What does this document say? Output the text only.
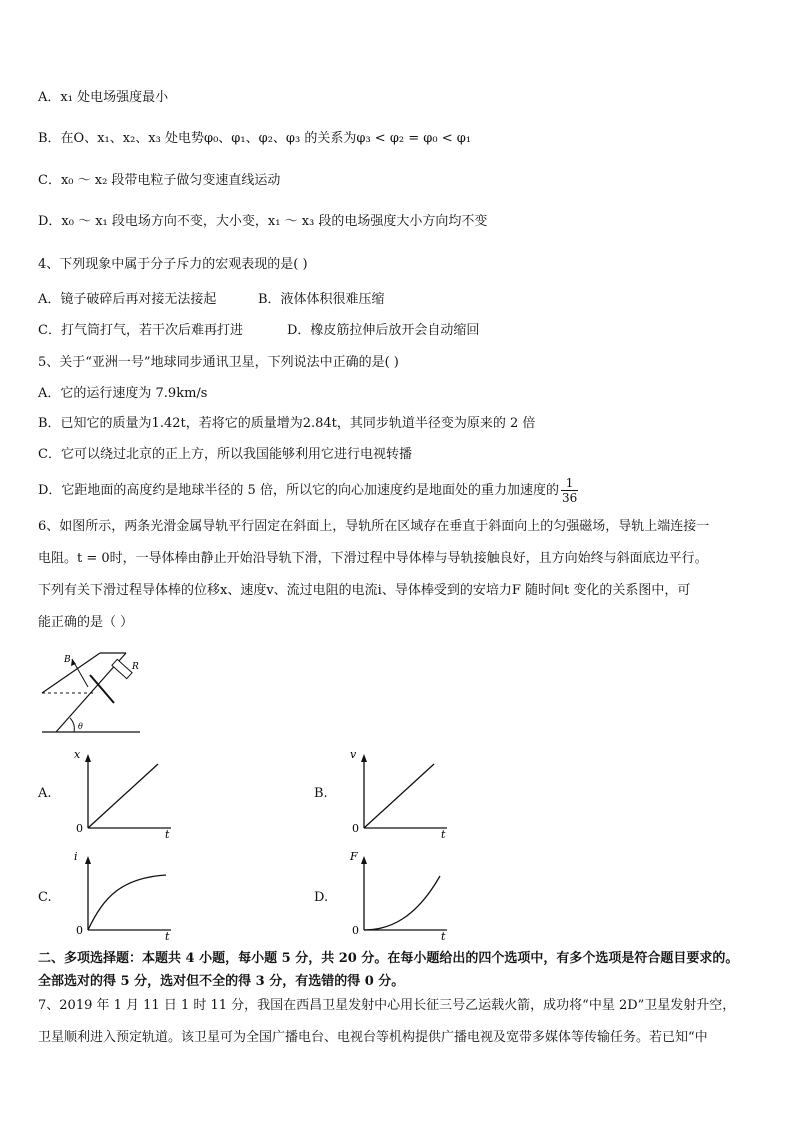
A．x₁ 处电场强度最小
B．在O、x₁、x₂、x₃ 处电势φ₀、φ₁、φ₂、φ₃ 的关系为φ₃ < φ₂ = φ₀ < φ₁
C．x₀ ～ x₂ 段带电粒子做匀变速直线运动
D．x₀ ～ x₁ 段电场方向不变，大小变，x₁ ～ x₃ 段的电场强度大小方向均不变
4、下列现象中属于分子斥力的宏观表现的是( )
A．镜子破碎后再对接无法接起	B．液体体积很难压缩
C．打气筒打气，若干次后难再打进	D．橡皮筋拉伸后放开会自动缩回
5、关于“亚洲一号”地球同步通讯卫星，下列说法中正确的是( )
A．它的运行速度为 7.9km/s
B．已知它的质量为1.42t，若将它的质量增为2.84t，其同步轨道半径变为原来的 2 倍
C．它可以绕过北京的正上方，所以我国能够利用它进行电视转播
D．它距地面的高度约是地球半径的 5 倍，所以它的向心加速度约是地面处的重力加速度的 $\frac{1}{36}$
6、如图所示，两条光滑金属导轨平行固定在斜面上，导轨所在区域存在垂直于斜面向上的匀强磁场，导轨上端连接一
电阻。t = 0时，一导体棒由静止开始沿导轨下滑，下滑过程中导体棒与导轨接触良好，且方向始终与斜面底边平行。
下列有关下滑过程导体棒的位移x、速度v、流过电阻的电流i、导体棒受到的安培力F 随时间t 变化的关系图中，可
能正确的是（ ）
B
R
θ
A.
x
t
0
B.
v
t
0
C.
i
t
0
D.
F
t
0
二、多项选择题：本题共 4 小题，每小题 5 分，共 20 分。在每小题给出的四个选项中，有多个选项是符合题目要求的。
全部选对的得 5 分，选对但不全的得 3 分，有选错的得 0 分。
7、2019 年 1 月 11 日 1 时 11 分，我国在西昌卫星发射中心用长征三号乙运载火箭，成功将“中星 2D”卫星发射升空，
卫星顺利进入预定轨道。该卫星可为全国广播电台、电视台等机构提供广播电视及宽带多媒体等传输任务。若已知“中
